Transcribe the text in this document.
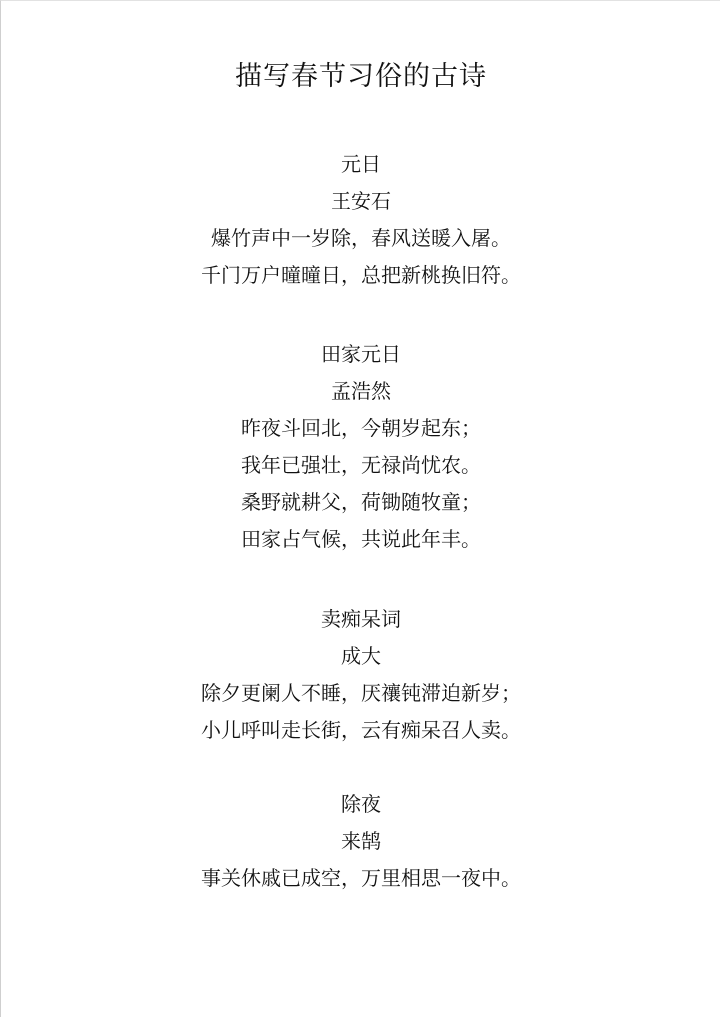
描写春节习俗的古诗
元日
王安石
爆竹声中一岁除，春风送暖入屠。
千门万户曈曈日，总把新桃换旧符。
田家元日
孟浩然
昨夜斗回北，今朝岁起东；
我年已强壮，无禄尚忧农。
桑野就耕父，荷锄随牧童；
田家占气候，共说此年丰。
卖痴呆词
成大
除夕更阑人不睡，厌禳钝滞迫新岁；
小儿呼叫走长街，云有痴呆召人卖。
除夜
来鹄
事关休戚已成空，万里相思一夜中。
